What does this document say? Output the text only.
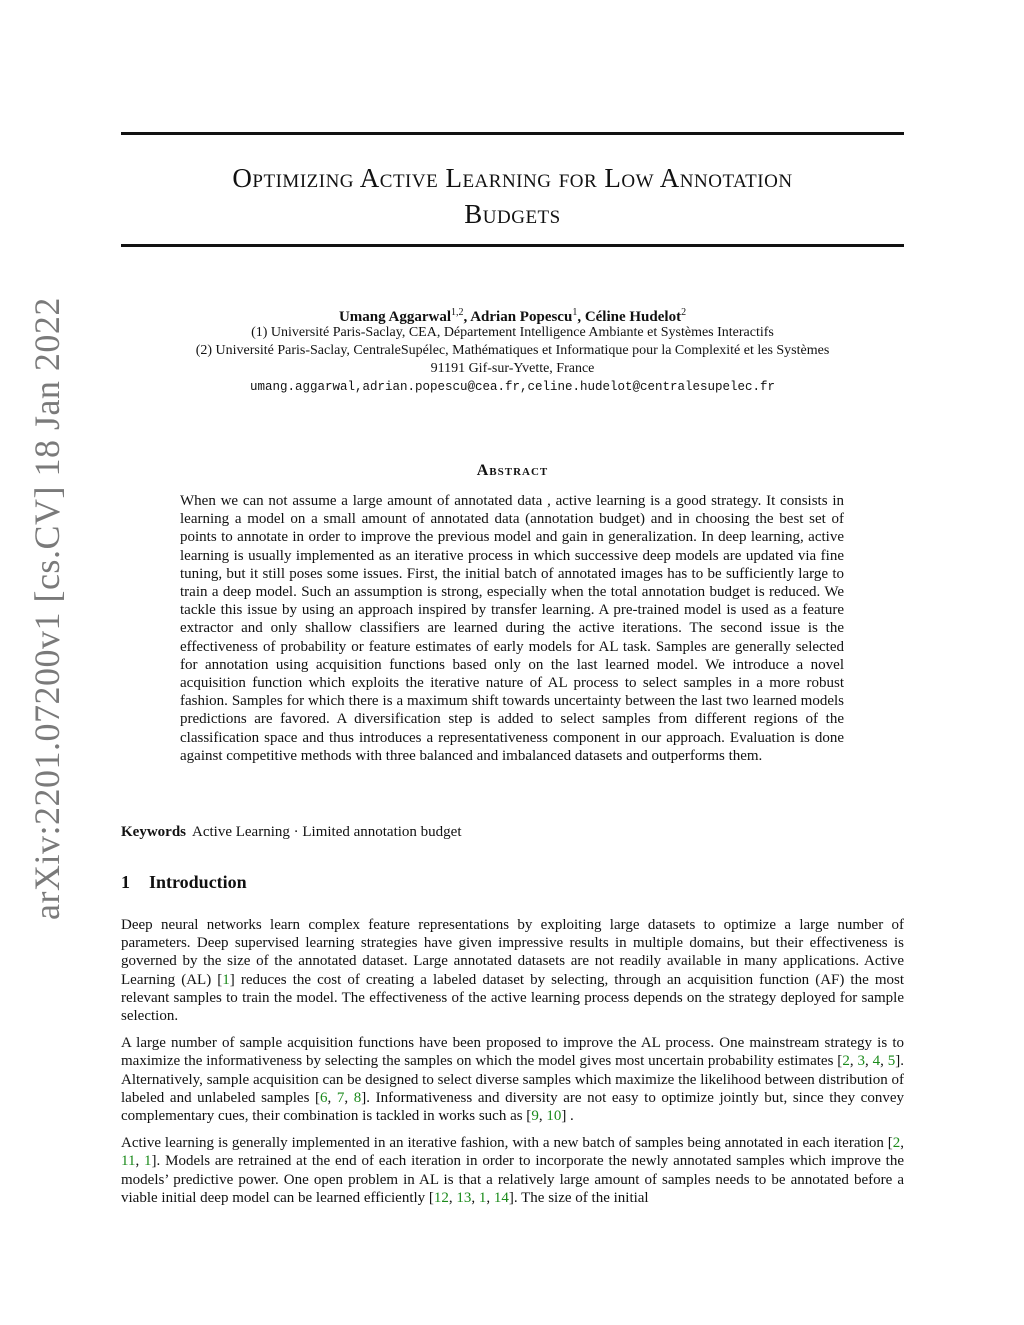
arXiv:2201.07200v1 [cs.CV] 18 Jan 2022
Optimizing Active Learning for Low Annotation
Budgets
Umang Aggarwal$^{1,2}$, Adrian Popescu$^1$, Céline Hudelot$^2$
(1) Université Paris-Saclay, CEA, Département Intelligence Ambiante et Systèmes Interactifs
(2) Université Paris-Saclay, CentraleSupélec, Mathématiques et Informatique pour la Complexité et les Systèmes
91191 Gif-sur-Yvette, France
umang.aggarwal,adrian.popescu@cea.fr,celine.hudelot@centralesupelec.fr
Abstract
When we can not assume a large amount of annotated data , active learning is a good strategy. It consists in learning a model on a small amount of annotated data (annotation budget) and in choosing the best set of points to annotate in order to improve the previous model and gain in generalization. In deep learning, active learning is usually implemented as an iterative process in which successive deep models are updated via fine tuning, but it still poses some issues. First, the initial batch of annotated images has to be sufficiently large to train a deep model. Such an assumption is strong, especially when the total annotation budget is reduced. We tackle this issue by using an approach inspired by transfer learning. A pre-trained model is used as a feature extractor and only shallow classifiers are learned during the active iterations. The second issue is the effectiveness of probability or feature estimates of early models for AL task. Samples are generally selected for annotation using acquisition functions based only on the last learned model. We introduce a novel acquisition function which exploits the iterative nature of AL process to select samples in a more robust fashion. Samples for which there is a maximum shift towards uncertainty between the last two learned models predictions are favored. A diversification step is added to select samples from different regions of the classification space and thus introduces a representativeness component in our approach. Evaluation is done against competitive methods with three balanced and imbalanced datasets and outperforms them.
Keywords Active Learning · Limited annotation budget
1 Introduction

Deep neural networks learn complex feature representations by exploiting large datasets to optimize a large number of parameters. Deep supervised learning strategies have given impressive results in multiple domains, but their effectiveness is governed by the size of the annotated dataset. Large annotated datasets are not readily available in many applications. Active Learning (AL) [1] reduces the cost of creating a labeled dataset by selecting, through an acquisition function (AF) the most relevant samples to train the model. The effectiveness of the active learning process depends on the strategy deployed for sample selection.

A large number of sample acquisition functions have been proposed to improve the AL process. One mainstream strategy is to maximize the informativeness by selecting the samples on which the model gives most uncertain probability estimates [2, 3, 4, 5]. Alternatively, sample acquisition can be designed to select diverse samples which maximize the likelihood between distribution of labeled and unlabeled samples [6, 7, 8]. Informativeness and diversity are not easy to optimize jointly but, since they convey complementary cues, their combination is tackled in works such as [9, 10] .

Active learning is generally implemented in an iterative fashion, with a new batch of samples being annotated in each iteration [2, 11, 1]. Models are retrained at the end of each iteration in order to incorporate the newly annotated samples which improve the models’ predictive power. One open problem in AL is that a relatively large amount of samples needs to be annotated before a viable initial deep model can be learned efficiently [12, 13, 1, 14]. The size of the initial
